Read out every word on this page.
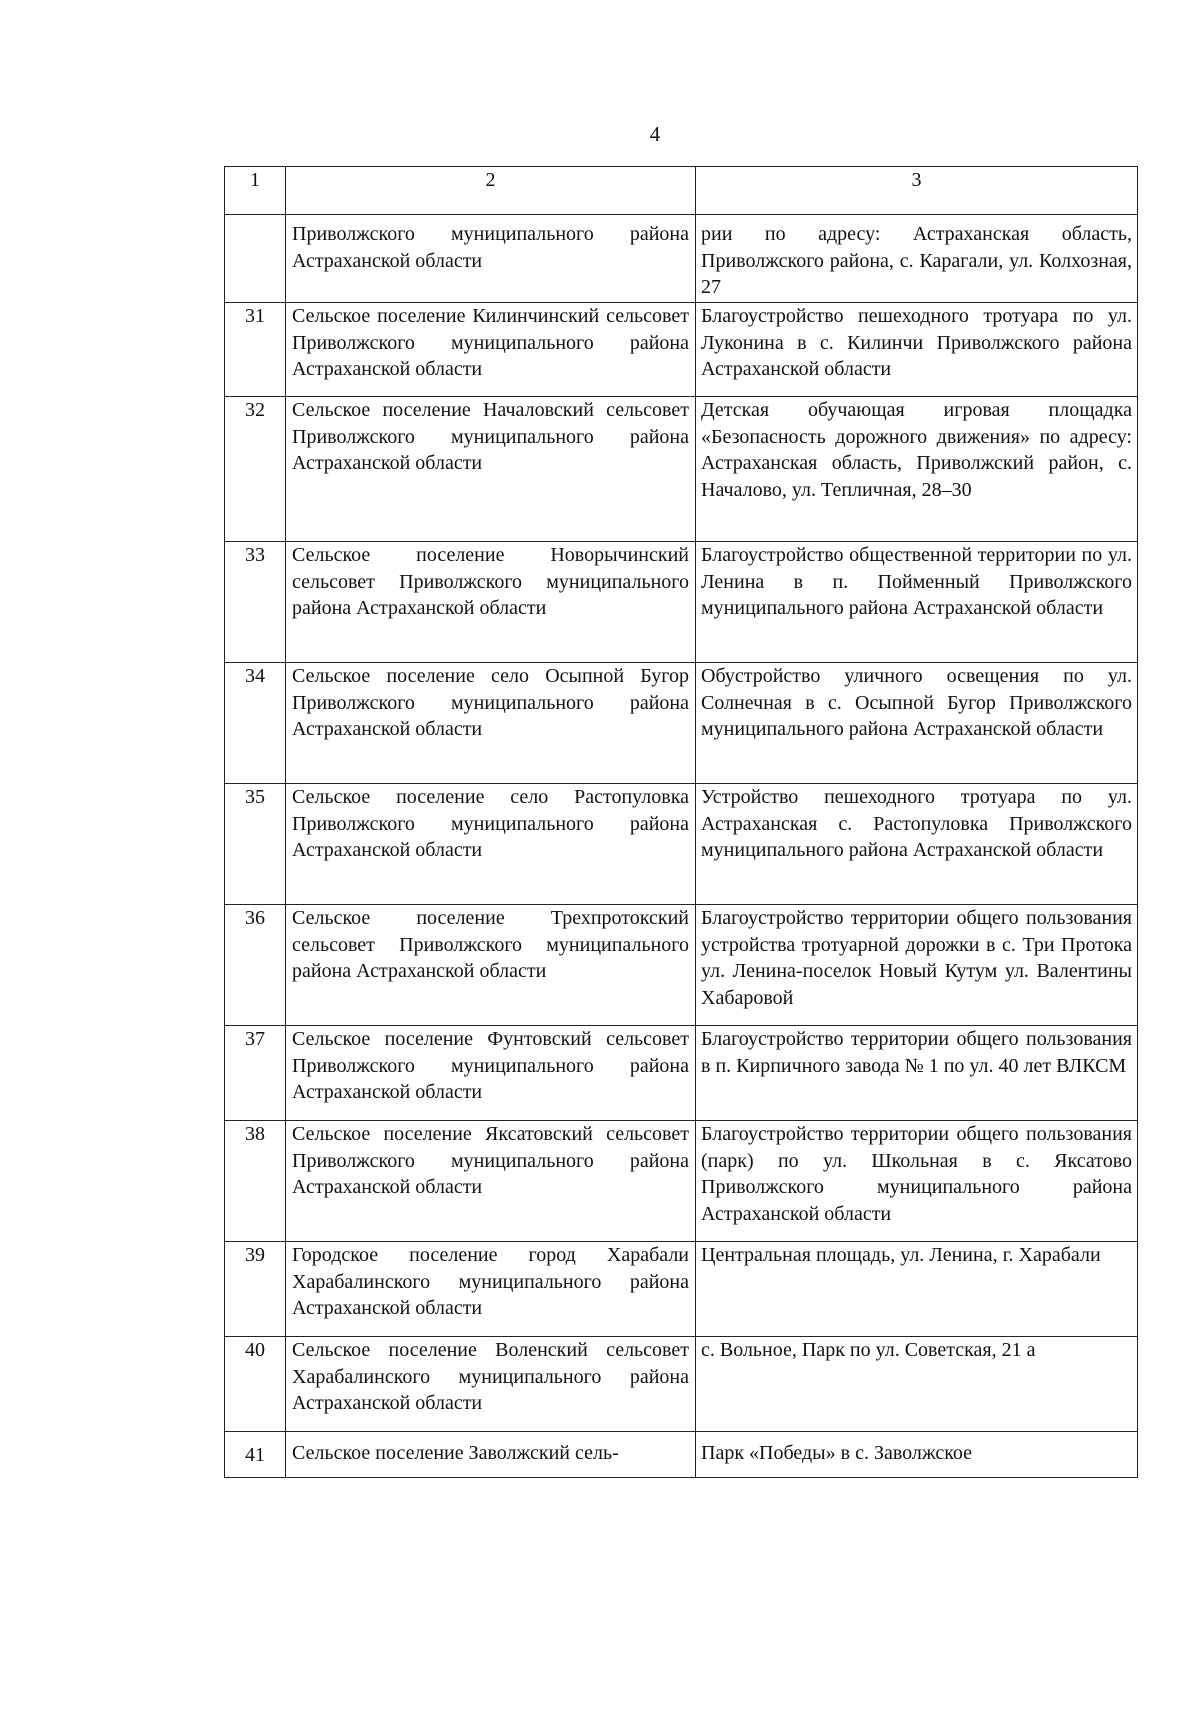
4
1	2	3
	Приволжского муниципального района Астраханской области	рии по адресу: Астраханская область, Приволжского района, с. Карагали, ул. Колхозная, 27
31	Сельское поселение Килинчинский сельсовет Приволжского муниципального района Астраханской области	Благоустройство пешеходного тротуара по ул. Луконина в с. Килинчи Приволжского района Астраханской области
32	Сельское поселение Началовский сельсовет Приволжского муниципального района Астраханской области	Детская обучающая игровая площадка «Безопасность дорожного движения» по адресу: Астраханская область, Приволжский район, с. Началово, ул. Тепличная, 28–30
33	Сельское поселение Новорычинский сельсовет Приволжского муниципального района Астраханской области	Благоустройство общественной территории по ул. Ленина в п. Пойменный Приволжского муниципального района Астраханской области
34	Сельское поселение село Осыпной Бугор Приволжского муниципального района Астраханской области	Обустройство уличного освещения по ул. Солнечная в с. Осыпной Бугор Приволжского муниципального района Астраханской области
35	Сельское поселение село Растопуловка Приволжского муниципального района Астраханской области	Устройство пешеходного тротуара по ул. Астраханская с. Растопуловка Приволжского муниципального района Астраханской области
36	Сельское поселение Трехпротокский сельсовет Приволжского муниципального района Астраханской области	Благоустройство территории общего пользования устройства тротуарной дорожки в с. Три Протока ул. Ленина-поселок Новый Кутум ул. Валентины Хабаровой
37	Сельское поселение Фунтовский сельсовет Приволжского муниципального района Астраханской области	Благоустройство территории общего пользования в п. Кирпичного завода № 1 по ул. 40 лет ВЛКСМ
38	Сельское поселение Яксатовский сельсовет Приволжского муниципального района Астраханской области	Благоустройство территории общего пользования (парк) по ул. Школьная в с. Яксатово Приволжского муниципального района Астраханской области
39	Городское поселение город Харабали Харабалинского муниципального района Астраханской области	Центральная площадь, ул. Ленина, г. Харабали
40	Сельское поселение Воленский сельсовет Харабалинского муниципального района Астраханской области	с. Вольное, Парк по ул. Советская, 21 а
41	Сельское поселение Заволжский сель-	Парк «Победы» в с. Заволжское
